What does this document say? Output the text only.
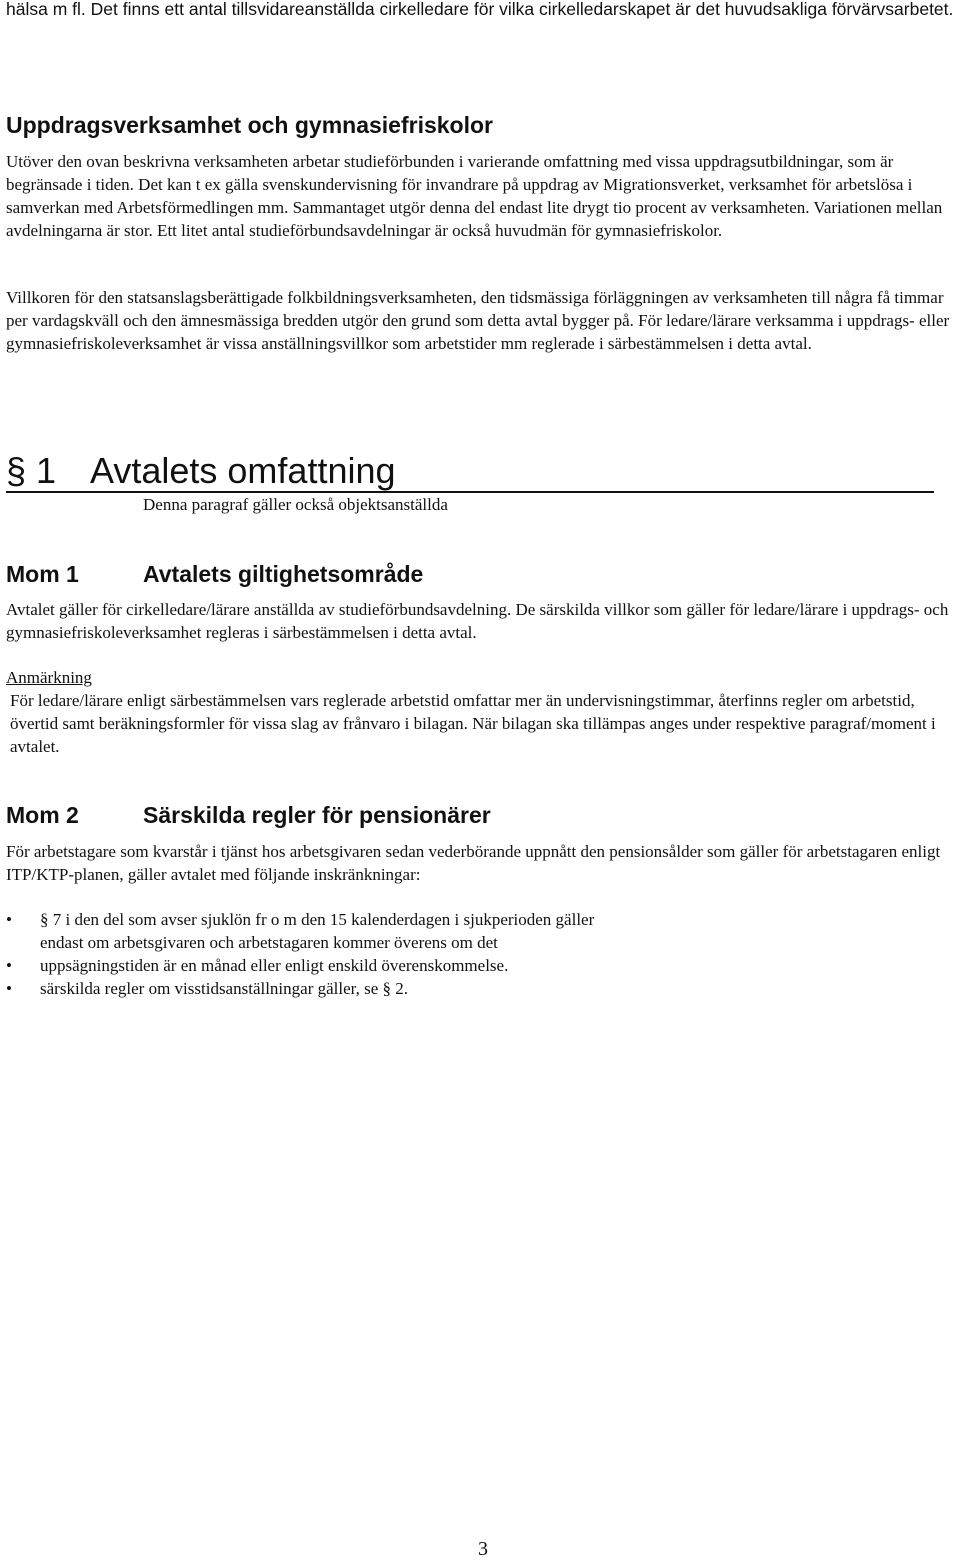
hälsa m fl. Det finns ett antal tillsvidareanställda cirkelledare för vilka cirkelledarskapet är det huvudsakliga förvärvsarbetet.
Uppdragsverksamhet och gymnasiefriskolor
Utöver den ovan beskrivna verksamheten arbetar studieförbunden i varierande omfattning med vissa uppdragsutbildningar, som är begränsade i tiden. Det kan t ex gälla svenskundervisning för invandrare på uppdrag av Migrationsverket, verksamhet för arbetslösa i samverkan med Arbetsförmedlingen mm. Sammantaget utgör denna del endast lite drygt tio procent av verksamheten. Variationen mellan avdelningarna är stor. Ett litet antal studieförbundsavdelningar är också huvudmän för gymnasiefriskolor.
Villkoren för den statsanslagsberättigade folkbildningsverksamheten, den tidsmässiga förläggningen av verksamheten till några få timmar per vardagskväll och den ämnesmässiga bredden utgör den grund som detta avtal bygger på. För ledare/lärare verksamma i uppdrags- eller gymnasiefriskoleverksamhet är vissa anställningsvillkor som arbetstider mm reglerade i särbestämmelsen i detta avtal.
§ 1 Avtalets omfattning
Denna paragraf gäller också objektsanställda
Mom 1	Avtalets giltighetsområde
Avtalet gäller för cirkelledare/lärare anställda av studieförbundsavdelning. De särskilda villkor som gäller för ledare/lärare i uppdrags- och gymnasiefriskoleverksamhet regleras i särbestämmelsen i detta avtal.
Anmärkning
För ledare/lärare enligt särbestämmelsen vars reglerade arbetstid omfattar mer än undervisningstimmar, återfinns regler om arbetstid, övertid samt beräkningsformler för vissa slag av frånvaro i bilagan. När bilagan ska tillämpas anges under respektive paragraf/moment i avtalet.
Mom 2	Särskilda regler för pensionärer
För arbetstagare som kvarstår i tjänst hos arbetsgivaren sedan vederbörande uppnått den pensionsålder som gäller för arbetstagaren enligt ITP/KTP-planen, gäller avtalet med följande inskränkningar:
• § 7 i den del som avser sjuklön fr o m den 15 kalenderdagen i sjukperioden gäller endast om arbetsgivaren och arbetstagaren kommer överens om det
• uppsägningstiden är en månad eller enligt enskild överenskommelse.
• särskilda regler om visstidsanställningar gäller, se § 2.
3
